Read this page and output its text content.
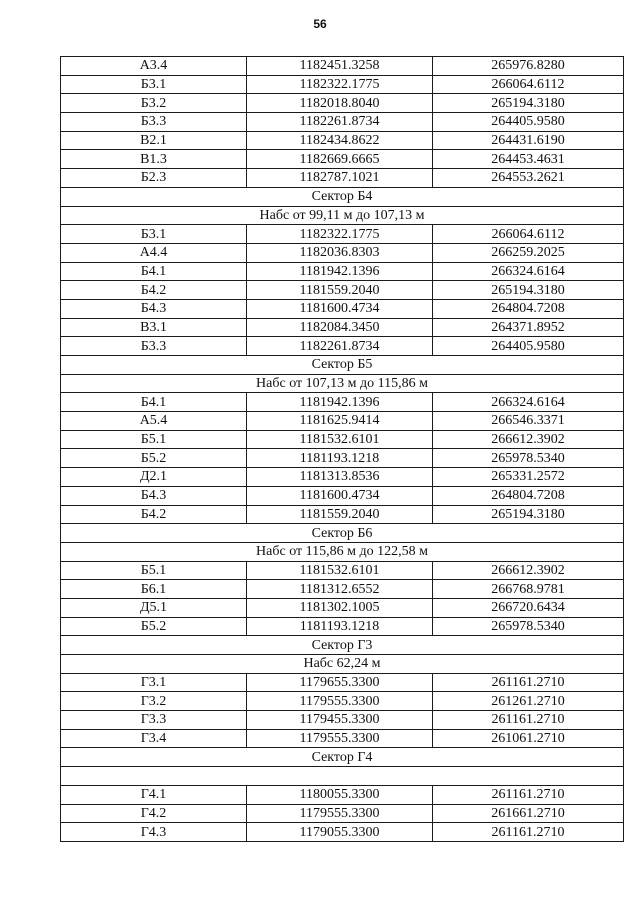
56
А3.4	1182451.3258	265976.8280
Б3.1	1182322.1775	266064.6112
Б3.2	1182018.8040	265194.3180
Б3.3	1182261.8734	264405.9580
В2.1	1182434.8622	264431.6190
В1.3	1182669.6665	264453.4631
Б2.3	1182787.1021	264553.2621
Сектор Б4		
Набс от 99,11 м до 107,13 м		
Б3.1	1182322.1775	266064.6112
А4.4	1182036.8303	266259.2025
Б4.1	1181942.1396	266324.6164
Б4.2	1181559.2040	265194.3180
Б4.3	1181600.4734	264804.7208
В3.1	1182084.3450	264371.8952
Б3.3	1182261.8734	264405.9580
Сектор Б5		
Набс от 107,13 м до 115,86 м		
Б4.1	1181942.1396	266324.6164
А5.4	1181625.9414	266546.3371
Б5.1	1181532.6101	266612.3902
Б5.2	1181193.1218	265978.5340
Д2.1	1181313.8536	265331.2572
Б4.3	1181600.4734	264804.7208
Б4.2	1181559.2040	265194.3180
Сектор Б6		
Набс от 115,86 м до 122,58 м		
Б5.1	1181532.6101	266612.3902
Б6.1	1181312.6552	266768.9781
Д5.1	1181302.1005	266720.6434
Б5.2	1181193.1218	265978.5340
Сектор Г3		
Набс 62,24 м		
Г3.1	1179655.3300	261161.2710
Г3.2	1179555.3300	261261.2710
Г3.3	1179455.3300	261161.2710
Г3.4	1179555.3300	261061.2710
Сектор Г4		

Г4.1	1180055.3300	261161.2710
Г4.2	1179555.3300	261661.2710
Г4.3	1179055.3300	261161.2710
